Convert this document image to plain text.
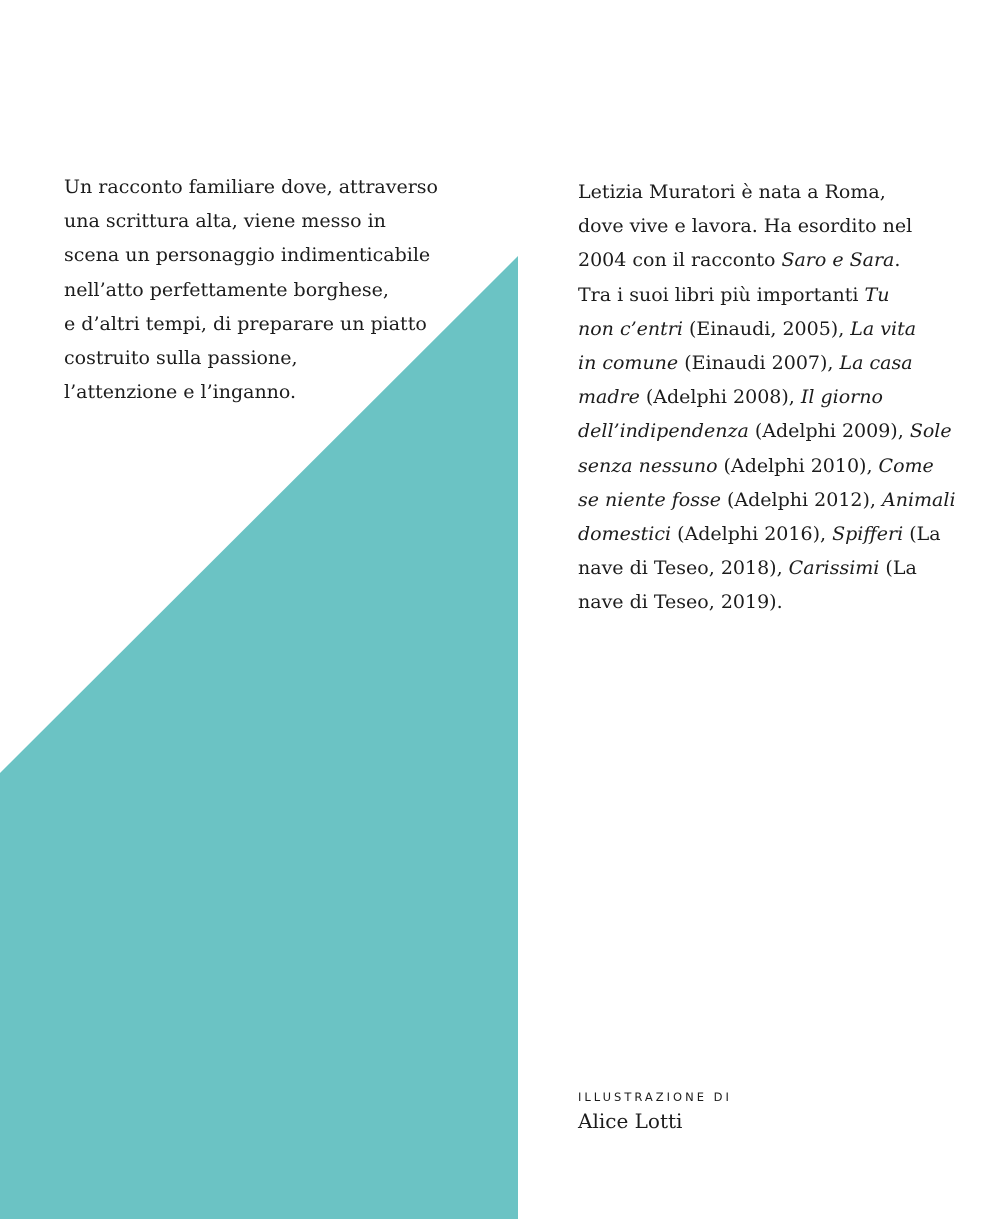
Un racconto familiare dove, attraverso
una scrittura alta, viene messo in
scena un personaggio indimenticabile
nell’atto perfettamente borghese,
e d’altri tempi, di preparare un piatto
costruito sulla passione,
l’attenzione e l’inganno.

Letizia Muratori è nata a Roma,
dove vive e lavora. Ha esordito nel
2004 con il racconto Saro e Sara.
Tra i suoi libri più importanti Tu
non c’entri (Einaudi, 2005), La vita
in comune (Einaudi 2007), La casa
madre (Adelphi 2008), Il giorno
dell’indipendenza (Adelphi 2009), Sole
senza nessuno (Adelphi 2010), Come
se niente fosse (Adelphi 2012), Animali
domestici (Adelphi 2016), Spifferi (La
nave di Teseo, 2018), Carissimi (La
nave di Teseo, 2019).

ILLUSTRAZIONE DI
Alice Lotti
